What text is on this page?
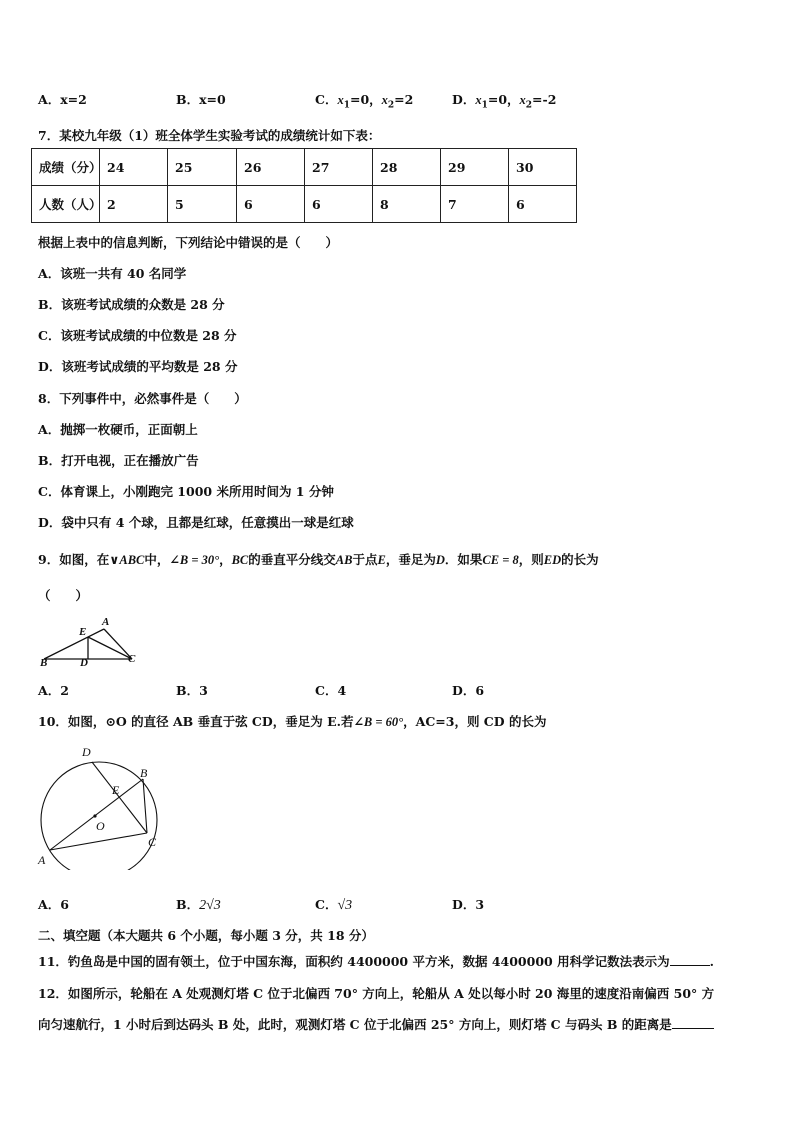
A．x=2	B．x=0	C．$x_1=0$，$x_2=2$	D．$x_1=0$，$x_2=-2$
7．某校九年级（1）班全体学生实验考试的成绩统计如下表：
成绩（分）	24	25	26	27	28	29	30
人数（人）	2	5	6	6	8	7	6
根据上表中的信息判断，下列结论中错误的是（　　）
A．该班一共有 40 名同学
B．该班考试成绩的众数是 28 分
C．该班考试成绩的中位数是 28 分
D．该班考试成绩的平均数是 28 分
8．下列事件中，必然事件是（　　）
A．抛掷一枚硬币，正面朝上
B．打开电视，正在播放广告
C．体育课上，小刚跑完 1000 米所用时间为 1 分钟
D．袋中只有 4 个球，且都是红球，任意摸出一球是红球
9．如图，在∨ABC中，∠B = 30°，BC的垂直平分线交AB于点E，垂足为D．如果CE = 8，则ED的长为
（　　）
E
A
B	D	C
A．2	B．3	C．4	D．6
10．如图，⊙O 的直径 AB 垂直于弦 CD，垂足为 E.若∠B = 60°，AC=3，则 CD 的长为
D
B
E
O
A
C
A．6	B．2√3	C．√3	D．3
二、填空题（本大题共 6 个小题，每小题 3 分，共 18 分）
11．钓鱼岛是中国的固有领土，位于中国东海，面积约 4400000 平方米，数据 4400000 用科学记数法表示为	.
12．如图所示，轮船在 A 处观测灯塔 C 位于北偏西 70° 方向上，轮船从 A 处以每小时 20 海里的速度沿南偏西 50° 方
向匀速航行，1 小时后到达码头 B 处，此时，观测灯塔 C 位于北偏西 25° 方向上，则灯塔 C 与码头 B 的距离是
